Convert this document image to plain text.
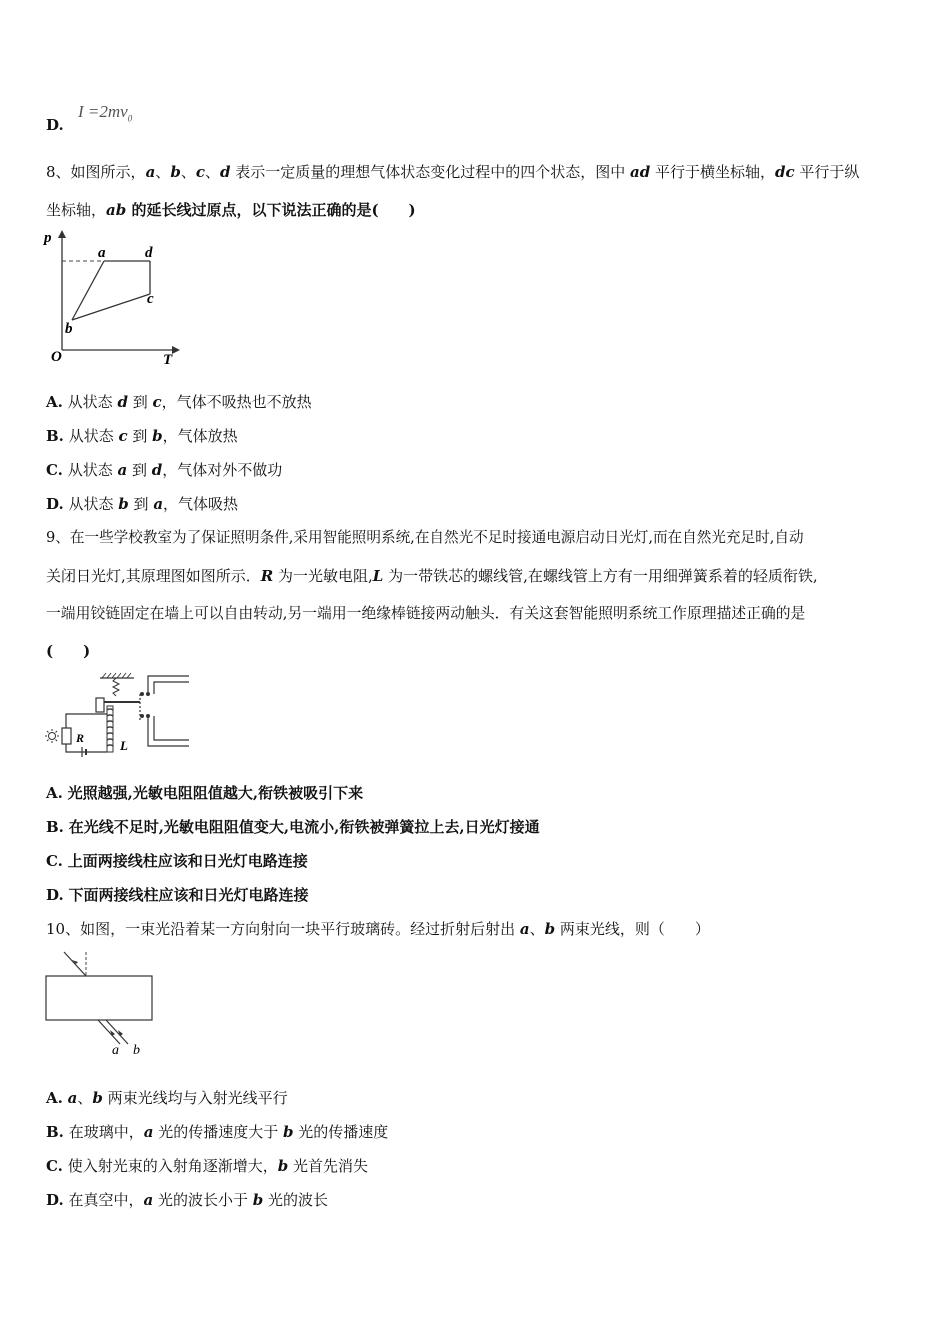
D.
$I =2mv_0$
8、如图所示，a、b、c、d 表示一定质量的理想气体状态变化过程中的四个状态，图中 ad 平行于横坐标轴，dc 平行于纵
坐标轴，ab 的延长线过原点，以下说法正确的是(　　)
p
T
O
a	d
c
b
A. 从状态 d 到 c，气体不吸热也不放热
B. 从状态 c 到 b，气体放热
C. 从状态 a 到 d，气体对外不做功
D. 从状态 b 到 a，气体吸热
9、在一些学校教室为了保证照明条件,采用智能照明系统,在自然光不足时接通电源启动日光灯,而在自然光充足时,自动
关闭日光灯,其原理图如图所示．R 为一光敏电阻,L 为一带铁芯的螺线管,在螺线管上方有一用细弹簧系着的轻质衔铁,
一端用铰链固定在墙上可以自由转动,另一端用一绝缘棒链接两动触头．有关这套智能照明系统工作原理描述正确的是
(　　)
R	L
A. 光照越强,光敏电阻阻值越大,衔铁被吸引下来
B. 在光线不足时,光敏电阻阻值变大,电流小,衔铁被弹簧拉上去,日光灯接通
C. 上面两接线柱应该和日光灯电路连接
D. 下面两接线柱应该和日光灯电路连接
10、如图，一束光沿着某一方向射向一块平行玻璃砖。经过折射后射出 a、b 两束光线，则（　　）
a b
A. a、b 两束光线均与入射光线平行
B. 在玻璃中，a 光的传播速度大于 b 光的传播速度
C. 使入射光束的入射角逐渐增大，b 光首先消失
D. 在真空中，a 光的波长小于 b 光的波长
